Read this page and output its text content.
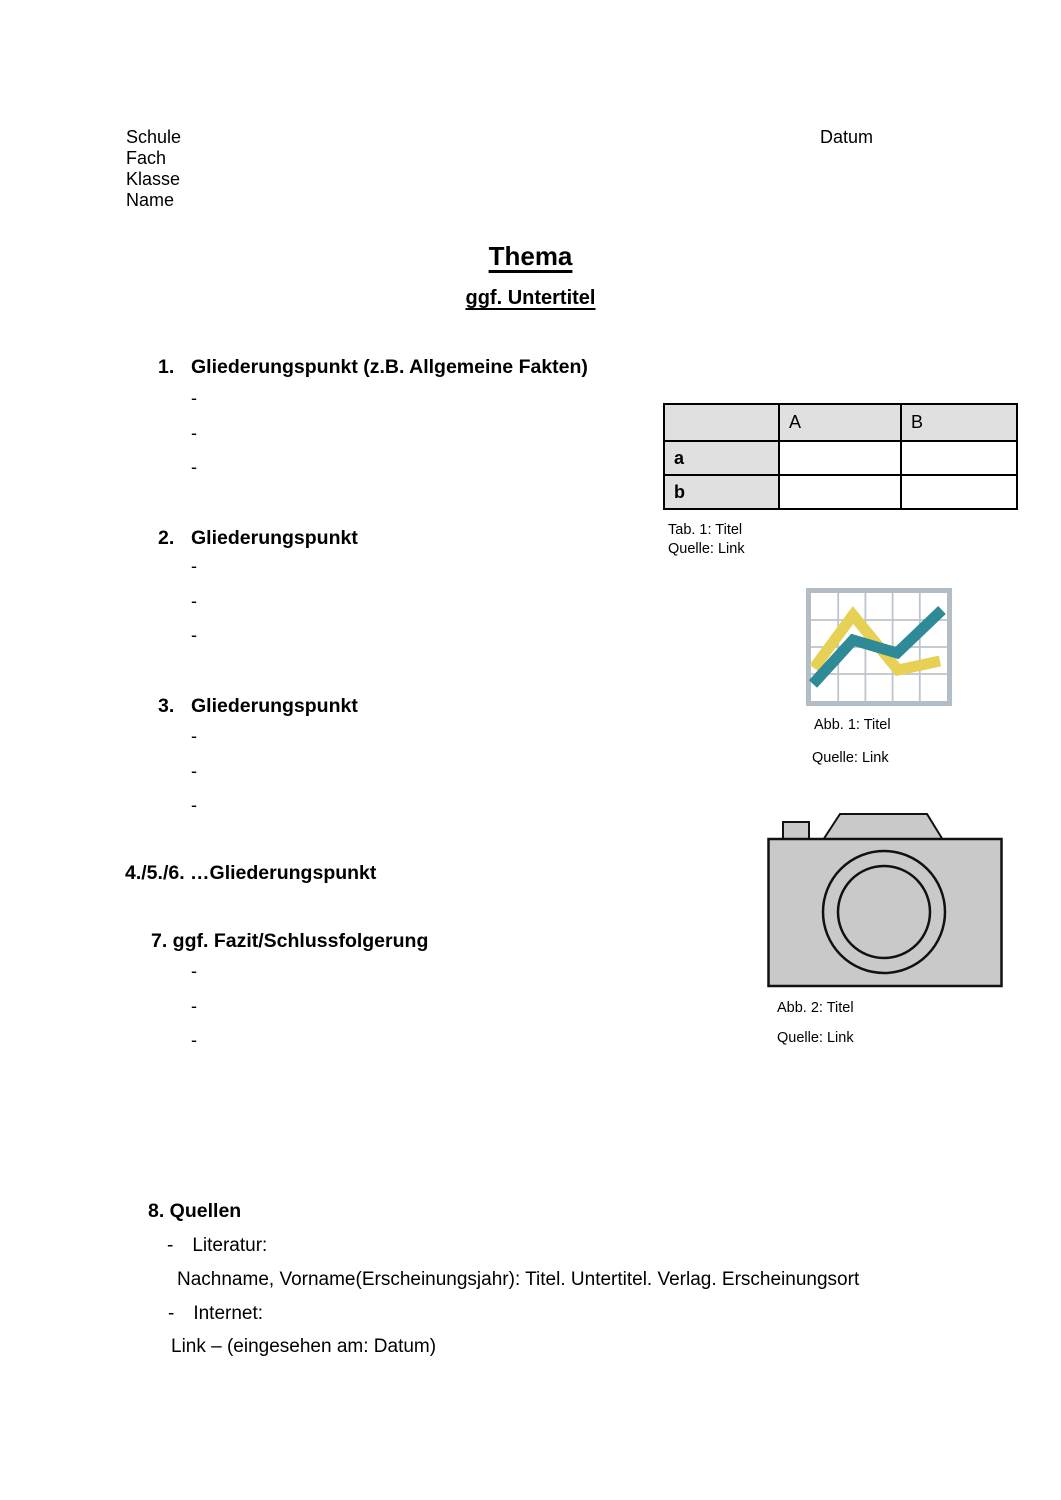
Schule
Fach
Klasse
Name
Datum
Thema
ggf. Untertitel
1. Gliederungspunkt (z.B. Allgemeine Fakten)
-
-
-
	A	B
a		
b		
Tab. 1: Titel
Quelle: Link
2. Gliederungspunkt
-
-
-
Abb. 1: Titel
Quelle: Link
3. Gliederungspunkt
-
-
-
Abb. 2: Titel
Quelle: Link
4./5./6. …Gliederungspunkt
7. ggf. Fazit/Schlussfolgerung
-
-
-
8. Quellen
- Literatur:
Nachname, Vorname(Erscheinungsjahr): Titel. Untertitel. Verlag. Erscheinungsort
- Internet:
Link – (eingesehen am: Datum)
